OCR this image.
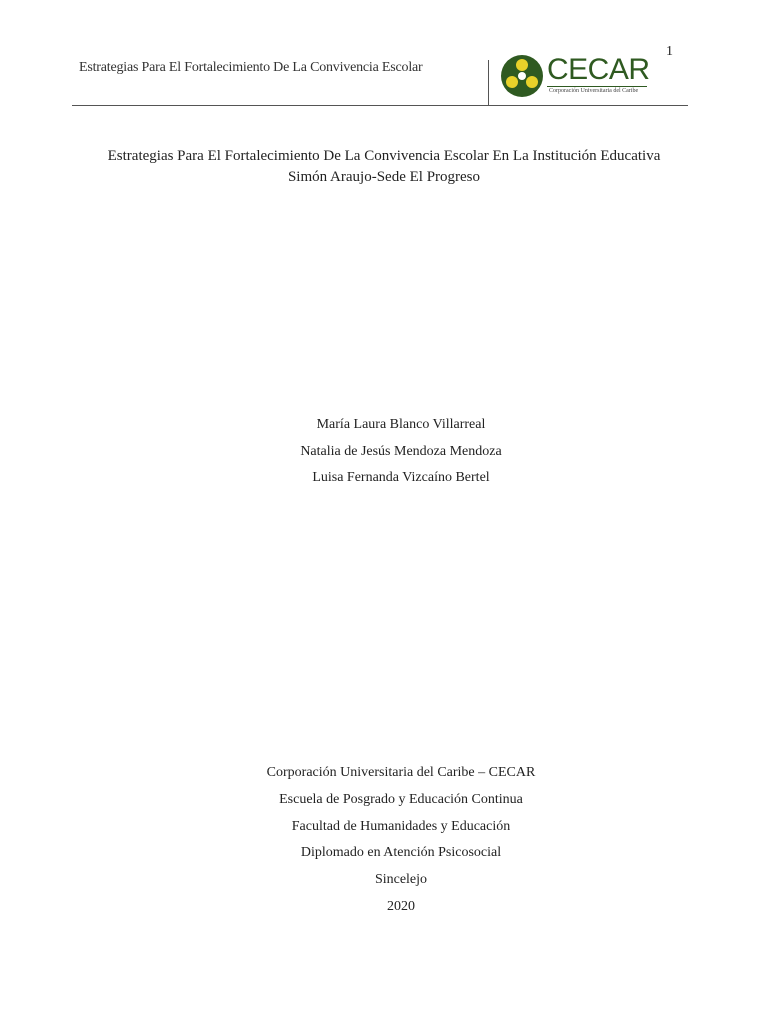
1
Estrategias Para El Fortalecimiento De La Convivencia Escolar	CECAR
Corporación Universitaria del Caribe
Estrategias Para El Fortalecimiento De La Convivencia Escolar En La Institución Educativa
Simón Araujo-Sede El Progreso
María Laura Blanco Villarreal
Natalia de Jesús Mendoza Mendoza
Luisa Fernanda Vizcaíno Bertel
Corporación Universitaria del Caribe – CECAR
Escuela de Posgrado y Educación Continua
Facultad de Humanidades y Educación
Diplomado en Atención Psicosocial
Sincelejo
2020
